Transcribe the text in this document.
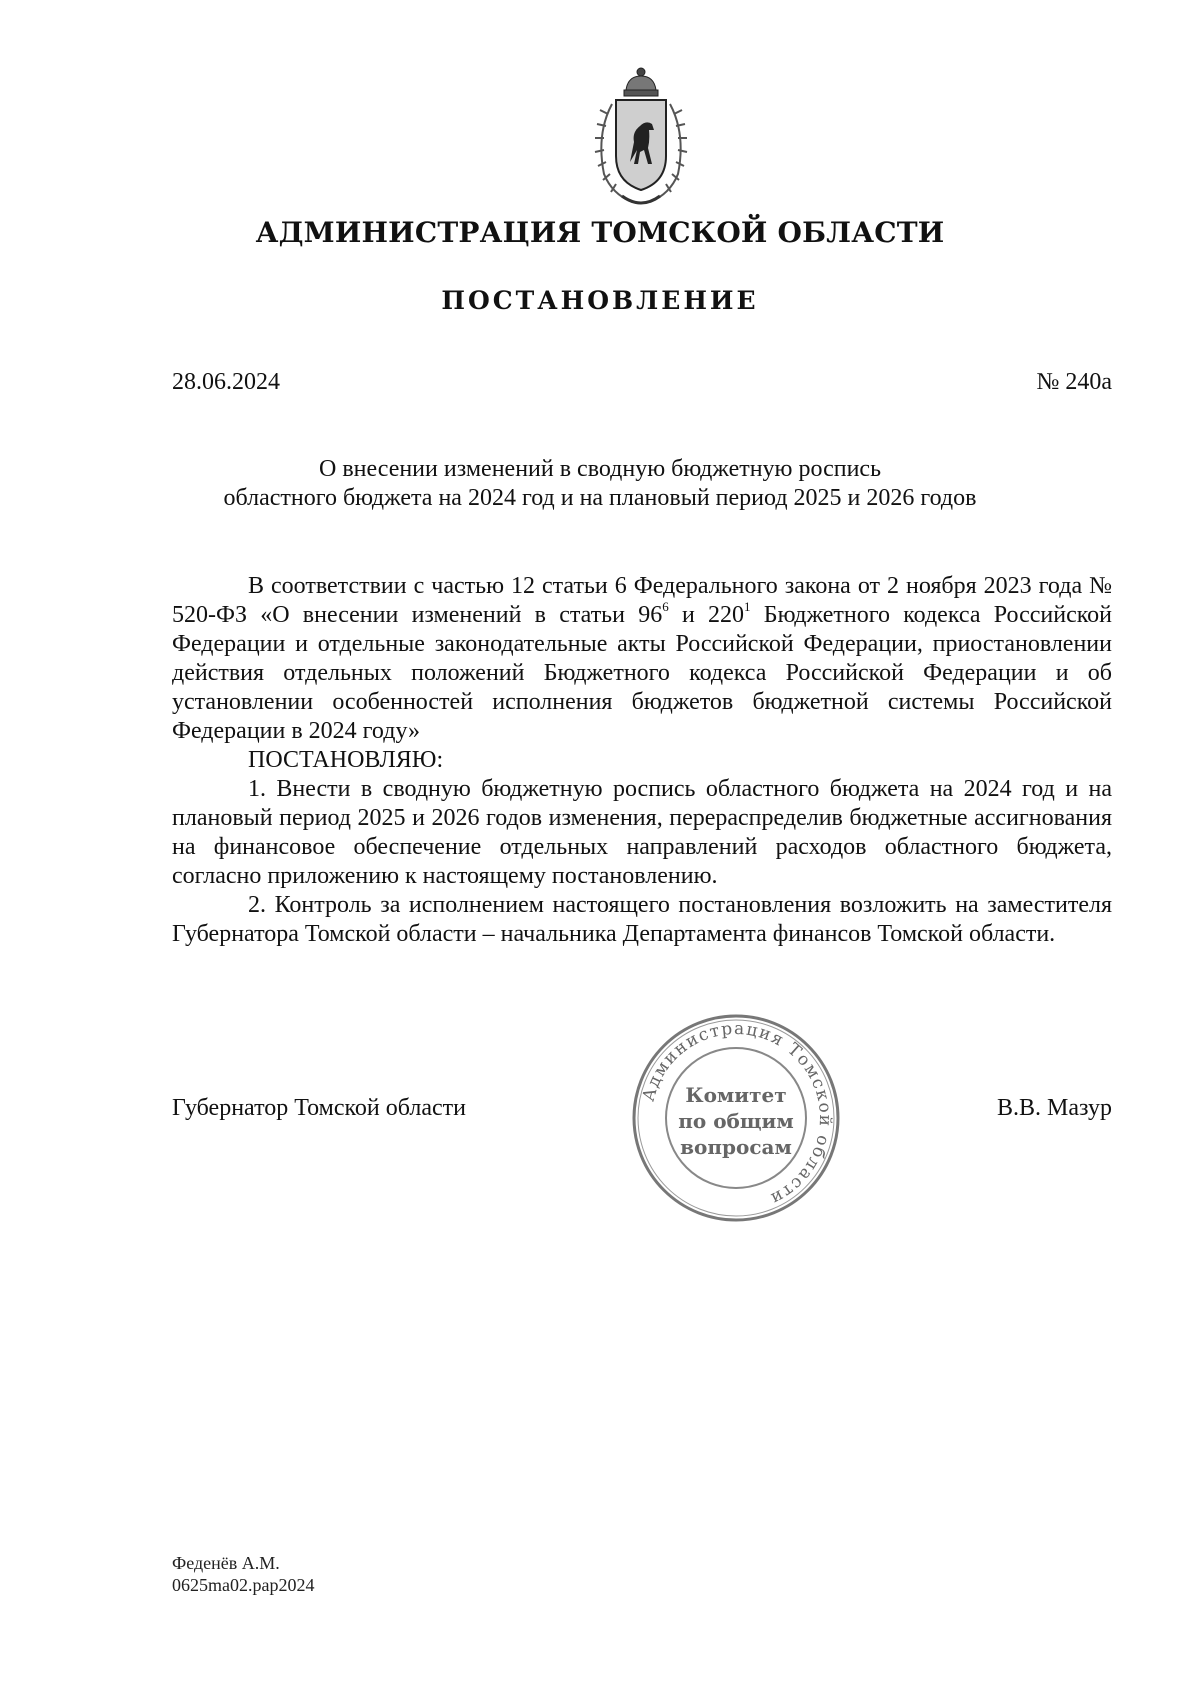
АДМИНИСТРАЦИЯ ТОМСКОЙ ОБЛАСТИ
ПОСТАНОВЛЕНИЕ
28.06.2024	№ 240а
О внесении изменений в сводную бюджетную роспись
областного бюджета на 2024 год и на плановый период 2025 и 2026 годов

В соответствии с частью 12 статьи 6 Федерального закона от 2 ноября 2023 года № 520-ФЗ «О внесении изменений в статьи $96^6$ и $220^1$ Бюджетного кодекса Российской Федерации и отдельные законодательные акты Российской Федерации, приостановлении действия отдельных положений Бюджетного кодекса Российской Федерации и об установлении особенностей исполнения бюджетов бюджетной системы Российской Федерации в 2024 году»

ПОСТАНОВЛЯЮ:

1. Внести в сводную бюджетную роспись областного бюджета на 2024 год и на плановый период 2025 и 2026 годов изменения, перераспределив бюджетные ассигнования на финансовое обеспечение отдельных направлений расходов областного бюджета, согласно приложению к настоящему постановлению.

2. Контроль за исполнением настоящего постановления возложить на заместителя Губернатора Томской области – начальника Департамента финансов Томской области.

Губернатор Томской области	В.В. Мазур
Администрация Томской области
Комитет
по общим
вопросам
Феденёв А.М.
0625ma02.pap2024
